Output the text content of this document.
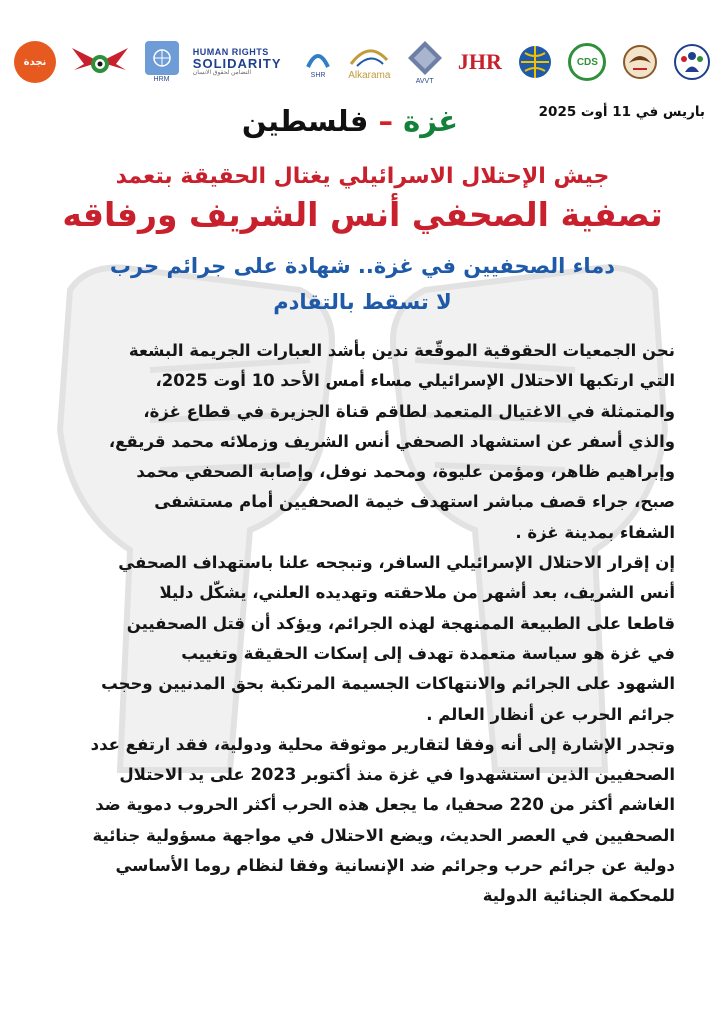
CDS
JHR
AVVT
Alkarama
SHR
HUMAN RIGHTS
SOLIDARITY
التضامن لحقوق الانسان
HRM
نجدة
باريس في 11 أوت 2025
غزة – فلسطين
جيش الإحتلال الاسرائيلي يغتال الحقيقة بتعمد
تصفية الصحفي أنس الشريف ورفاقه
دماء الصحفيين في غزة.. شهادة على جرائم حرب
لا تسقط بالتقادم
نحن الجمعيات الحقوقية الموقّعة ندين بأشد العبارات الجريمة البشعة
التي ارتكبها الاحتلال الإسرائيلي مساء أمس الأحد 10 أوت 2025،
والمتمثلة في الاغتيال المتعمد لطاقم قناة الجزيرة في قطاع غزة،
والذي أسفر عن استشهاد الصحفي أنس الشريف وزملائه محمد قريقع،
وإبراهيم ظاهر، ومؤمن عليوة، ومحمد نوفل، وإصابة الصحفي محمد
صبح، جراء قصف مباشر استهدف خيمة الصحفيين أمام مستشفى
الشفاء بمدينة غزة .
إن إقرار الاحتلال الإسرائيلي السافر، وتبجحه علنا باستهداف الصحفي
أنس الشريف، بعد أشهر من ملاحقته وتهديده العلني، يشكّل دليلا
قاطعا على الطبيعة الممنهجة لهذه الجرائم، ويؤكد أن قتل الصحفيين
في غزة هو سياسة متعمدة تهدف إلى إسكات الحقيقة وتغييب
الشهود على الجرائم والانتهاكات الجسيمة المرتكبة بحق المدنيين وحجب
جرائم الحرب عن أنظار العالم .
وتجدر الإشارة إلى أنه وفقا لتقارير موثوقة محلية ودولية، فقد ارتفع عدد
الصحفيين الذين استشهدوا في غزة منذ أكتوبر 2023 على يد الاحتلال
الغاشم أكثر من 220 صحفيا، ما يجعل هذه الحرب أكثر الحروب دموية ضد
الصحفيين في العصر الحديث، ويضع الاحتلال في مواجهة مسؤولية جنائية
دولية عن جرائم حرب وجرائم ضد الإنسانية وفقا لنظام روما الأساسي
للمحكمة الجنائية الدولية
